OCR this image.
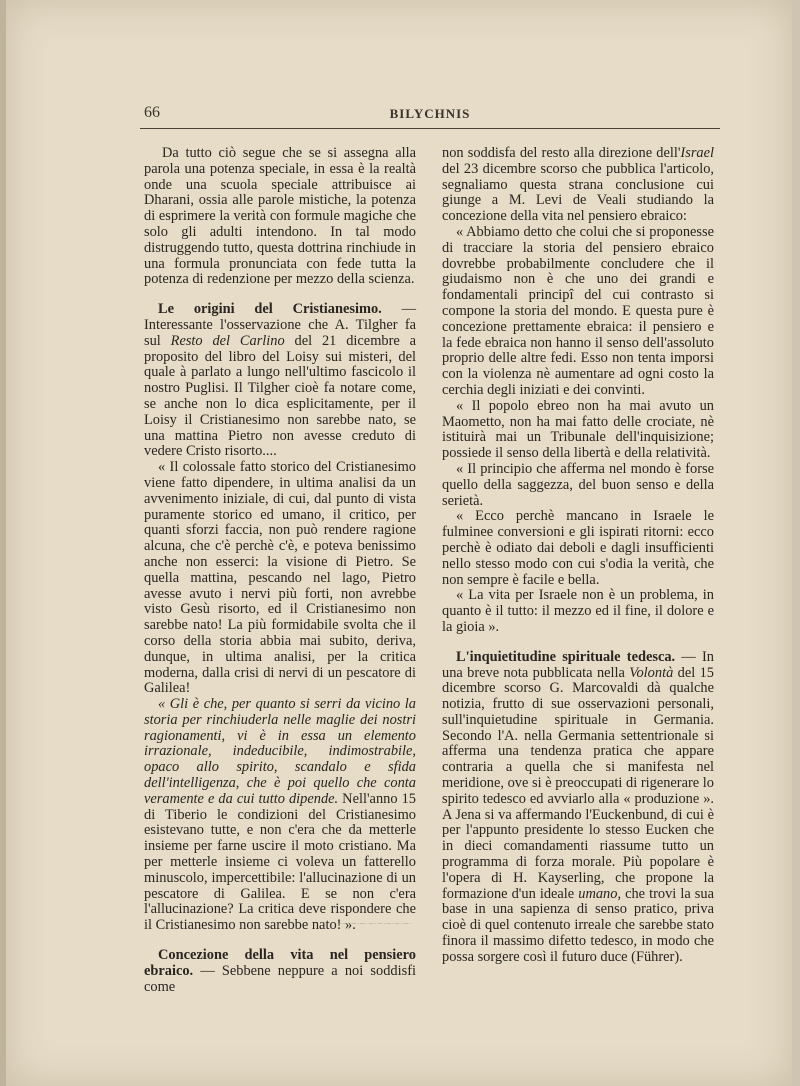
66	BILYCHNIS

Da tutto ciò segue che se si assegna alla parola una potenza speciale, in essa è la realtà onde una scuola speciale attribuisce ai Dharani, ossia alle parole mistiche, la potenza di esprimere la verità con formule magiche che solo gli adulti intendono. In tal modo distruggendo tutto, questa dottrina rinchiude in una formula pronunciata con fede tutta la potenza di redenzione per mezzo della scienza.

Le origini del Cristianesimo. — Interessante l'osservazione che A. Tilgher fa sul Resto del Carlino del 21 dicembre a proposito del libro del Loisy sui misteri, del quale à parlato a lungo nell'ultimo fascicolo il nostro Puglisi. Il Tilgher cioè fa notare come, se anche non lo dica esplicitamente, per il Loisy il Cristianesimo non sarebbe nato, se una mattina Pietro non avesse creduto di vedere Cristo risorto....

« Il colossale fatto storico del Cristianesimo viene fatto dipendere, in ultima analisi da un avvenimento iniziale, di cui, dal punto di vista puramente storico ed umano, il critico, per quanti sforzi faccia, non può rendere ragione alcuna, che c'è perchè c'è, e poteva benissimo anche non esserci: la visione di Pietro. Se quella mattina, pescando nel lago, Pietro avesse avuto i nervi più forti, non avrebbe visto Gesù risorto, ed il Cristianesimo non sarebbe nato! La più formidabile svolta che il corso della storia abbia mai subito, deriva, dunque, in ultima analisi, per la critica moderna, dalla crisi di nervi di un pescatore di Galilea!

« Gli è che, per quanto si serri da vicino la storia per rinchiuderla nelle maglie dei nostri ragionamenti, vi è in essa un elemento irrazionale, indeducibile, indimostrabile, opaco allo spirito, scandalo e sfida dell'intelligenza, che è poi quello che conta veramente e da cui tutto dipende. Nell'anno 15 di Tiberio le condizioni del Cristianesimo esistevano tutte, e non c'era che da metterle insieme per farne uscire il moto cristiano. Ma per metterle insieme ci voleva un fatterello minuscolo, impercettibile: l'allucinazione di un pescatore di Galilea. E se non c'era l'allucinazione? La critica deve rispondere che il Cristianesimo non sarebbe nato! ».

Concezione della vita nel pensiero ebraico. — Sebbene neppure a noi soddisfi come

·—·—·—·—·—·—·—·—·

non soddisfa del resto alla direzione dell'Israel del 23 dicembre scorso che pubblica l'articolo, segnaliamo questa strana conclusione cui giunge a M. Levi de Veali studiando la concezione della vita nel pensiero ebraico:

« Abbiamo detto che colui che si proponesse di tracciare la storia del pensiero ebraico dovrebbe probabilmente concludere che il giudaismo non è che uno dei grandi e fondamentali principî del cui contrasto si compone la storia del mondo. E questa pure è concezione prettamente ebraica: il pensiero e la fede ebraica non hanno il senso dell'assoluto proprio delle altre fedi. Esso non tenta imporsi con la violenza nè aumentare ad ogni costo la cerchia degli iniziati e dei convinti.

« Il popolo ebreo non ha mai avuto un Maometto, non ha mai fatto delle crociate, nè istituirà mai un Tribunale dell'inquisizione; possiede il senso della libertà e della relatività.

« Il principio che afferma nel mondo è forse quello della saggezza, del buon senso e della serietà.

« Ecco perchè mancano in Israele le fulminee conversioni e gli ispirati ritorni: ecco perchè è odiato dai deboli e dagli insufficienti nello stesso modo con cui s'odia la verità, che non sempre è facile e bella.

« La vita per Israele non è un problema, in quanto è il tutto: il mezzo ed il fine, il dolore e la gioia ».

L'inquietitudine spirituale tedesca. — In una breve nota pubblicata nella Volontà del 15 dicembre scorso G. Marcovaldi dà qualche notizia, frutto di sue osservazioni personali, sull'inquietudine spirituale in Germania. Secondo l'A. nella Germania settentrionale si afferma una tendenza pratica che appare contraria a quella che si manifesta nel meridione, ove si è preoccupati di rigenerare lo spirito tedesco ed avviarlo alla « produzione ». A Jena si va affermando l'Euckenbund, di cui è per l'appunto presidente lo stesso Eucken che in dieci comandamenti riassume tutto un programma di forza morale. Più popolare è l'opera di H. Kayserling, che propone la formazione d'un ideale umano, che trovi la sua base in una sapienza di senso pratico, priva cioè di quel contenuto irreale che sarebbe stato finora il massimo difetto tedesco, in modo che possa sorgere così il futuro duce (Führer).
